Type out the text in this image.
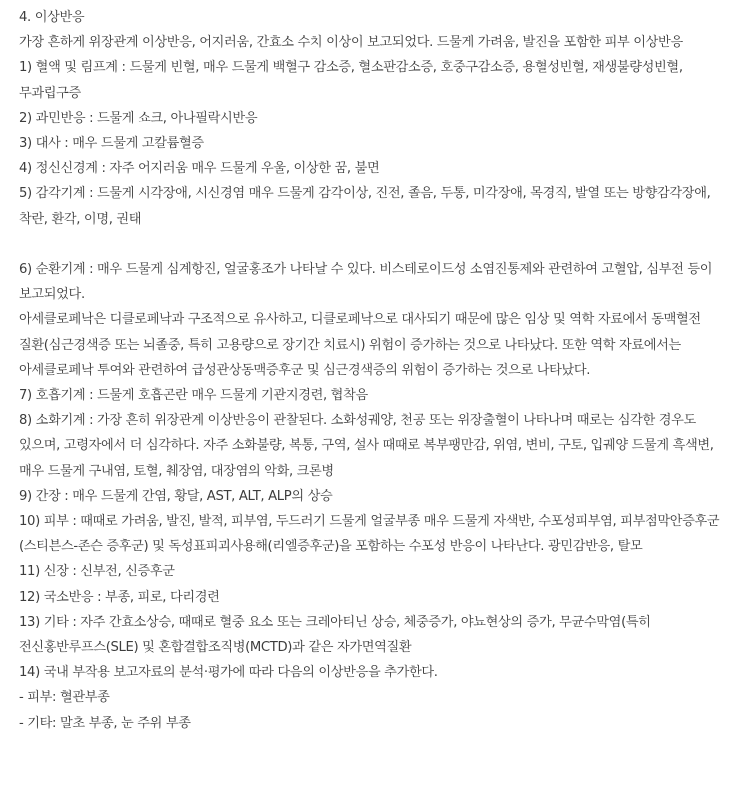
4. 이상반응

가장 흔하게 위장관계 이상반응, 어지러움, 간효소 수치 이상이 보고되었다. 드물게 가려움, 발진을 포함한 피부 이상반응

1) 혈액 및 림프계 : 드물게 빈혈, 매우 드물게 백혈구 감소증, 혈소판감소증, 호중구감소증, 용혈성빈혈, 재생불량성빈혈, 무과립구증

2) 과민반응 : 드물게 쇼크, 아나필락시반응

3) 대사 : 매우 드물게 고칼륨혈증

4) 정신신경계 : 자주 어지러움 매우 드물게 우울, 이상한 꿈, 불면

5) 감각기계 : 드물게 시각장애, 시신경염 매우 드물게 감각이상, 진전, 졸음, 두통, 미각장애, 목경직, 발열 또는 방향감각장애, 착란, 환각, 이명, 권태

6) 순환기계 : 매우 드물게 심계항진, 얼굴홍조가 나타날 수 있다. 비스테로이드성 소염진통제와 관련하여 고혈압, 심부전 등이 보고되었다.

아세클로페낙은 디클로페낙과 구조적으로 유사하고, 디클로페낙으로 대사되기 때문에 많은 임상 및 역학 자료에서 동맥혈전 질환(심근경색증 또는 뇌졸중, 특히 고용량으로 장기간 치료시) 위험이 증가하는 것으로 나타났다. 또한 역학 자료에서는 아세클로페낙 투여와 관련하여 급성관상동맥증후군 및 심근경색증의 위험이 증가하는 것으로 나타났다.

7) 호흡기계 : 드물게 호흡곤란 매우 드물게 기관지경련, 협착음

8) 소화기계 : 가장 흔히 위장관계 이상반응이 관찰된다. 소화성궤양, 천공 또는 위장출혈이 나타나며 때로는 심각한 경우도 있으며, 고령자에서 더 심각하다. 자주 소화불량, 복통, 구역, 설사 때때로 복부팽만감, 위염, 변비, 구토, 입궤양 드물게 흑색변, 매우 드물게 구내염, 토혈, 췌장염, 대장염의 악화, 크론병

9) 간장 : 매우 드물게 간염, 황달, AST, ALT, ALP의 상승

10) 피부 : 때때로 가려움, 발진, 발적, 피부염, 두드러기 드물게 얼굴부종 매우 드물게 자색반, 수포성피부염, 피부점막안증후군(스티븐스-존슨 증후군) 및 독성표피괴사용해(리엘증후군)을 포함하는 수포성 반응이 나타난다. 광민감반응, 탈모

11) 신장 : 신부전, 신증후군

12) 국소반응 : 부종, 피로, 다리경련

13) 기타 : 자주 간효소상승, 때때로 혈중 요소 또는 크레아티닌 상승, 체중증가, 야뇨현상의 증가, 무균수막염(특히 전신홍반루프스(SLE) 및 혼합결합조직병(MCTD)과 같은 자가면역질환

14) 국내 부작용 보고자료의 분석·평가에 따라 다음의 이상반응을 추가한다.

- 피부: 혈관부종

- 기타: 말초 부종, 눈 주위 부종
